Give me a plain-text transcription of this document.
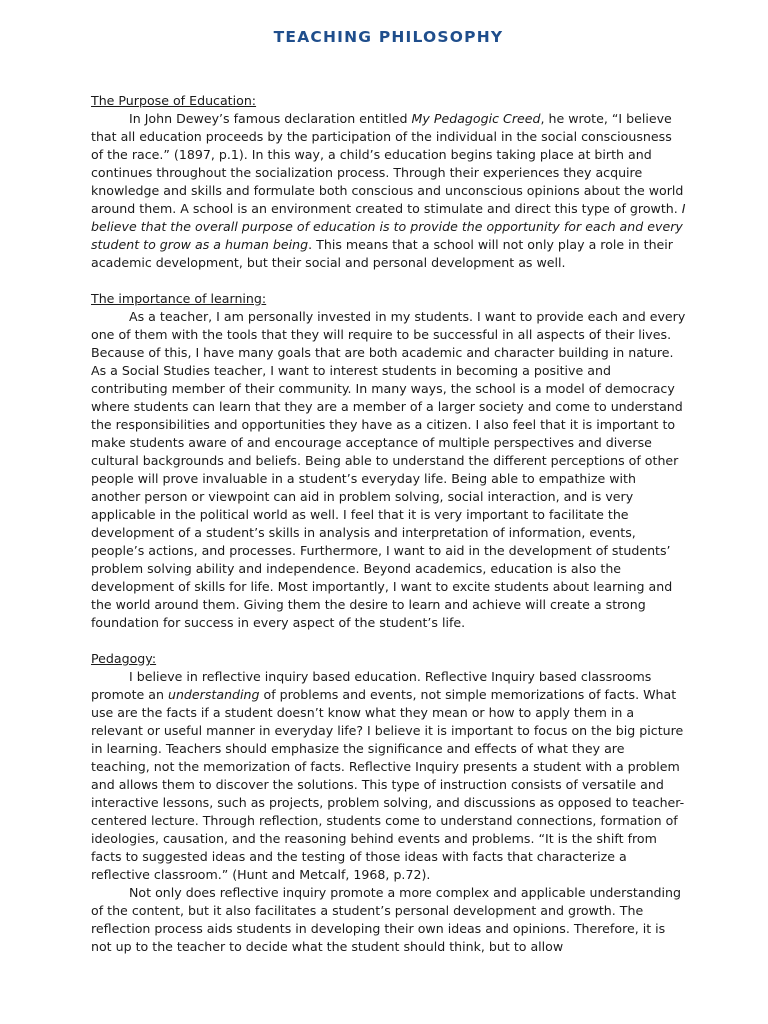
TEACHING PHILOSOPHY

The Purpose of Education:

In John Dewey’s famous declaration entitled My Pedagogic Creed, he wrote, “I believe that all education proceeds by the participation of the individual in the social consciousness of the race.” (1897, p.1). In this way, a child’s education begins taking place at birth and continues throughout the socialization process. Through their experiences they acquire knowledge and skills and formulate both conscious and unconscious opinions about the world around them. A school is an environment created to stimulate and direct this type of growth. I believe that the overall purpose of education is to provide the opportunity for each and every student to grow as a human being. This means that a school will not only play a role in their academic development, but their social and personal development as well.

The importance of learning:

As a teacher, I am personally invested in my students. I want to provide each and every one of them with the tools that they will require to be successful in all aspects of their lives. Because of this, I have many goals that are both academic and character building in nature. As a Social Studies teacher, I want to interest students in becoming a positive and contributing member of their community. In many ways, the school is a model of democracy where students can learn that they are a member of a larger society and come to understand the responsibilities and opportunities they have as a citizen. I also feel that it is important to make students aware of and encourage acceptance of multiple perspectives and diverse cultural backgrounds and beliefs. Being able to understand the different perceptions of other people will prove invaluable in a student’s everyday life. Being able to empathize with another person or viewpoint can aid in problem solving, social interaction, and is very applicable in the political world as well. I feel that it is very important to facilitate the development of a student’s skills in analysis and interpretation of information, events, people’s actions, and processes. Furthermore, I want to aid in the development of students’ problem solving ability and independence. Beyond academics, education is also the development of skills for life. Most importantly, I want to excite students about learning and the world around them. Giving them the desire to learn and achieve will create a strong foundation for success in every aspect of the student’s life.

Pedagogy:

I believe in reflective inquiry based education. Reflective Inquiry based classrooms promote an understanding of problems and events, not simple memorizations of facts. What use are the facts if a student doesn’t know what they mean or how to apply them in a relevant or useful manner in everyday life? I believe it is important to focus on the big picture in learning. Teachers should emphasize the significance and effects of what they are teaching, not the memorization of facts. Reflective Inquiry presents a student with a problem and allows them to discover the solutions. This type of instruction consists of versatile and interactive lessons, such as projects, problem solving, and discussions as opposed to teacher-centered lecture. Through reflection, students come to understand connections, formation of ideologies, causation, and the reasoning behind events and problems. “It is the shift from facts to suggested ideas and the testing of those ideas with facts that characterize a reflective classroom.” (Hunt and Metcalf, 1968, p.72).

Not only does reflective inquiry promote a more complex and applicable understanding of the content, but it also facilitates a student’s personal development and growth. The reflection process aids students in developing their own ideas and opinions. Therefore, it is not up to the teacher to decide what the student should think, but to allow
